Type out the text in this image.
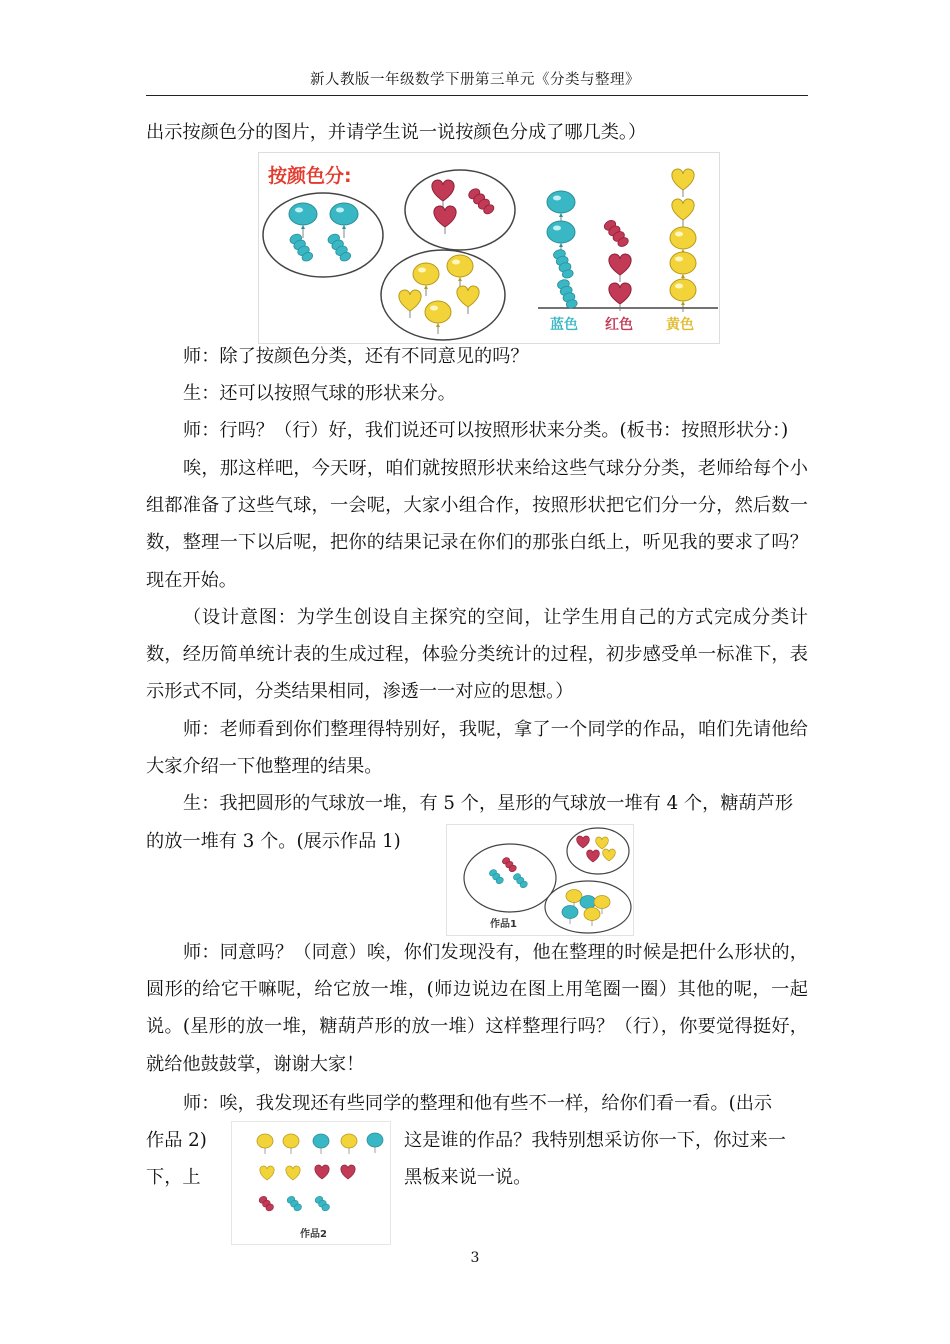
新人教版一年级数学下册第三单元《分类与整理》

出示按颜色分的图片，并请学生说一说按颜色分成了哪几类。）

按颜色分:
蓝色 红色 黄色

师：除了按颜色分类，还有不同意见的吗？

生：还可以按照气球的形状来分。

师：行吗？（行）好，我们说还可以按照形状来分类。(板书：按照形状分：)

唉，那这样吧，今天呀，咱们就按照形状来给这些气球分分类，老师给每个小组都准备了这些气球，一会呢，大家小组合作，按照形状把它们分一分，然后数一数，整理一下以后呢，把你的结果记录在你们的那张白纸上，听见我的要求了吗？现在开始。

（设计意图：为学生创设自主探究的空间，让学生用自己的方式完成分类计数，经历简单统计表的生成过程，体验分类统计的过程，初步感受单一标准下，表示形式不同，分类结果相同，渗透一一对应的思想。）

师：老师看到你们整理得特别好，我呢，拿了一个同学的作品，咱们先请他给大家介绍一下他整理的结果。

生：我把圆形的气球放一堆，有 5 个，星形的气球放一堆有 4 个，糖葫芦形

的放一堆有 3 个。(展示作品 1)

作品1

师：同意吗？（同意）唉，你们发现没有，他在整理的时候是把什么形状的，圆形的给它干嘛呢，给它放一堆，(师边说边在图上用笔圈一圈）其他的呢，一起说。(星形的放一堆，糖葫芦形的放一堆）这样整理行吗？（行），你要觉得挺好，就给他鼓鼓掌，谢谢大家！

师：唉，我发现还有些同学的整理和他有些不一样，给你们看一看。(出示

作品 2)

下，上

这是谁的作品？我特别想采访你一下，你过来一

黑板来说一说。

作品2
3
